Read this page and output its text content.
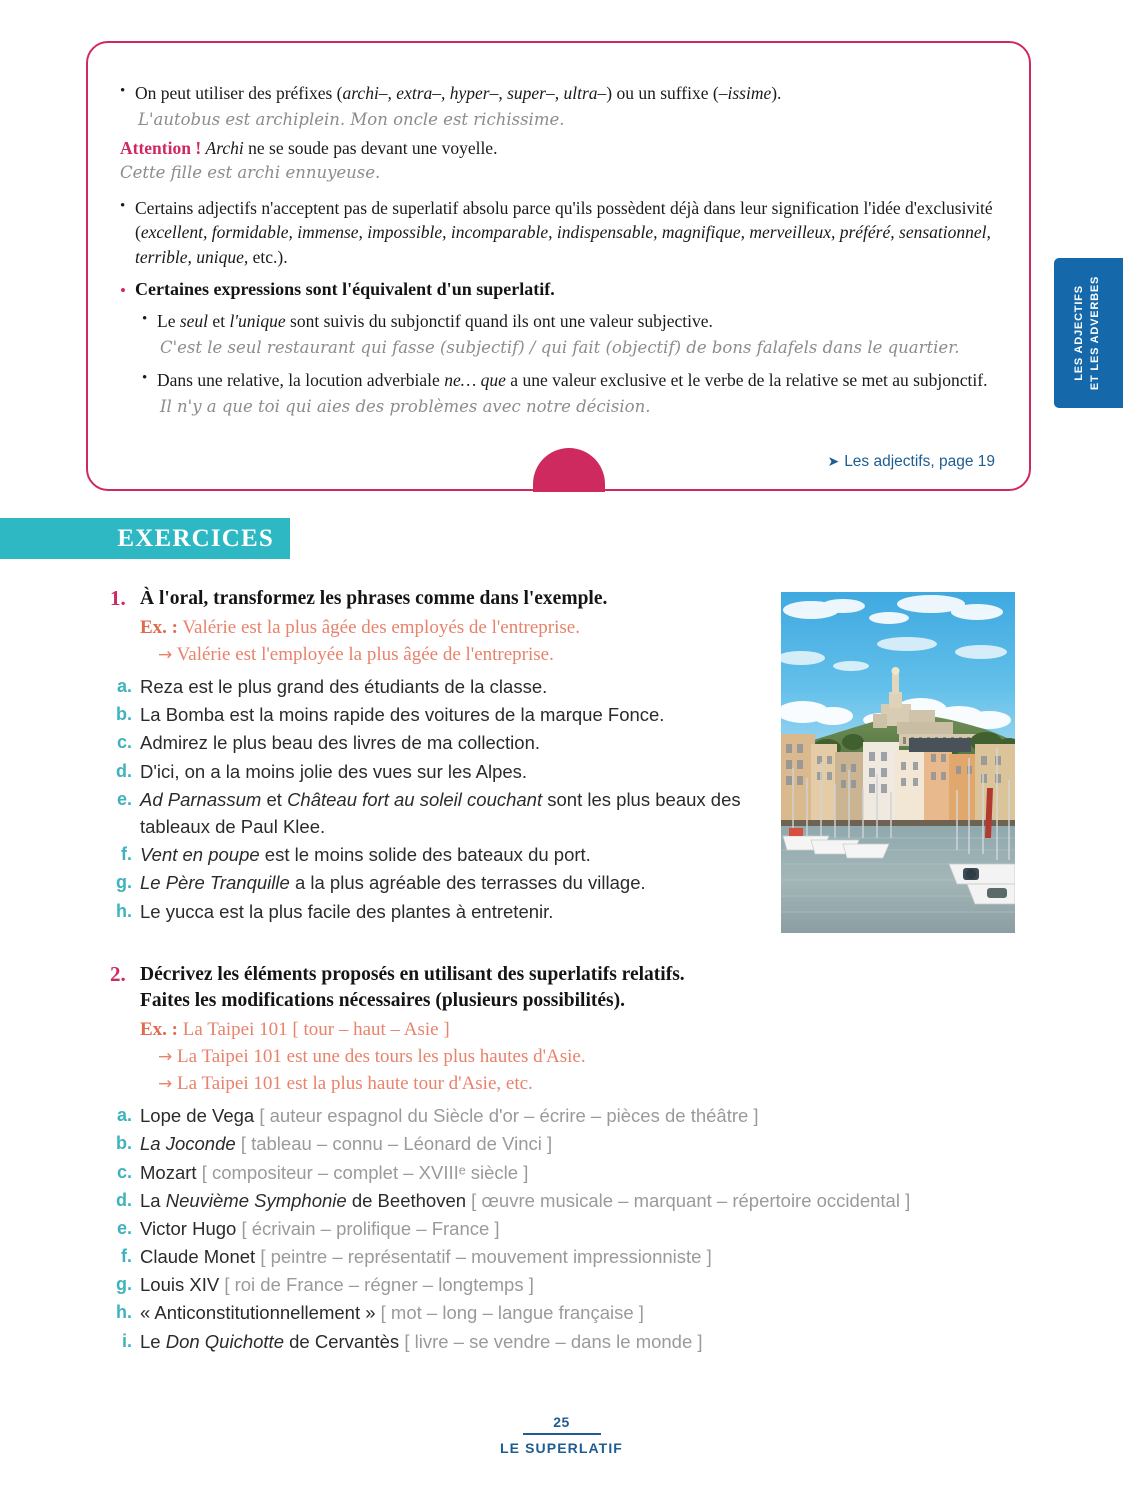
• On peut utiliser des préfixes (archi–, extra–, hyper–, super–, ultra–) ou un suffixe (–issime).
L'autobus est archiplein. Mon oncle est richissime.
Attention ! Archi ne se soude pas devant une voyelle.
Cette fille est archi ennuyeuse.
• Certains adjectifs n'acceptent pas de superlatif absolu parce qu'ils possèdent déjà dans leur signification l'idée d'exclusivité (excellent, formidable, immense, impossible, incomparable, indispensable, magnifique, merveilleux, préféré, sensationnel, terrible, unique, etc.).
• Certaines expressions sont l'équivalent d'un superlatif.
• Le seul et l'unique sont suivis du subjonctif quand ils ont une valeur subjective.
C'est le seul restaurant qui fasse (subjectif) / qui fait (objectif) de bons falafels dans le quartier.
• Dans une relative, la locution adverbiale ne… que a une valeur exclusive et le verbe de la relative se met au subjonctif.
Il n'y a que toi qui aies des problèmes avec notre décision.
➤ Les adjectifs, page 19
LES ADJECTIFS ET LES ADVERBES
EXERCICES
1. À l'oral, transformez les phrases comme dans l'exemple.
Ex. : Valérie est la plus âgée des employés de l'entreprise.
→ Valérie est l'employée la plus âgée de l'entreprise.
a. Reza est le plus grand des étudiants de la classe.
b. La Bomba est la moins rapide des voitures de la marque Fonce.
c. Admirez le plus beau des livres de ma collection.
d. D'ici, on a la moins jolie des vues sur les Alpes.
e. Ad Parnassum et Château fort au soleil couchant sont les plus beaux des tableaux de Paul Klee.
f. Vent en poupe est le moins solide des bateaux du port.
g. Le Père Tranquille a la plus agréable des terrasses du village.
h. Le yucca est la plus facile des plantes à entretenir.
2. Décrivez les éléments proposés en utilisant des superlatifs relatifs.
Faites les modifications nécessaires (plusieurs possibilités).
Ex. : La Taipei 101 [ tour – haut – Asie ]
→ La Taipei 101 est une des tours les plus hautes d'Asie.
→ La Taipei 101 est la plus haute tour d'Asie, etc.
a. Lope de Vega [ auteur espagnol du Siècle d'or – écrire – pièces de théâtre ]
b. La Joconde [ tableau – connu – Léonard de Vinci ]
c. Mozart [ compositeur – complet – XVIIIᵉ siècle ]
d. La Neuvième Symphonie de Beethoven [ œuvre musicale – marquant – répertoire occidental ]
e. Victor Hugo [ écrivain – prolifique – France ]
f. Claude Monet [ peintre – représentatif – mouvement impressionniste ]
g. Louis XIV [ roi de France – régner – longtemps ]
h. « Anticonstitutionnellement » [ mot – long – langue française ]
i. Le Don Quichotte de Cervantès [ livre – se vendre – dans le monde ]
25
LE SUPERLATIF
